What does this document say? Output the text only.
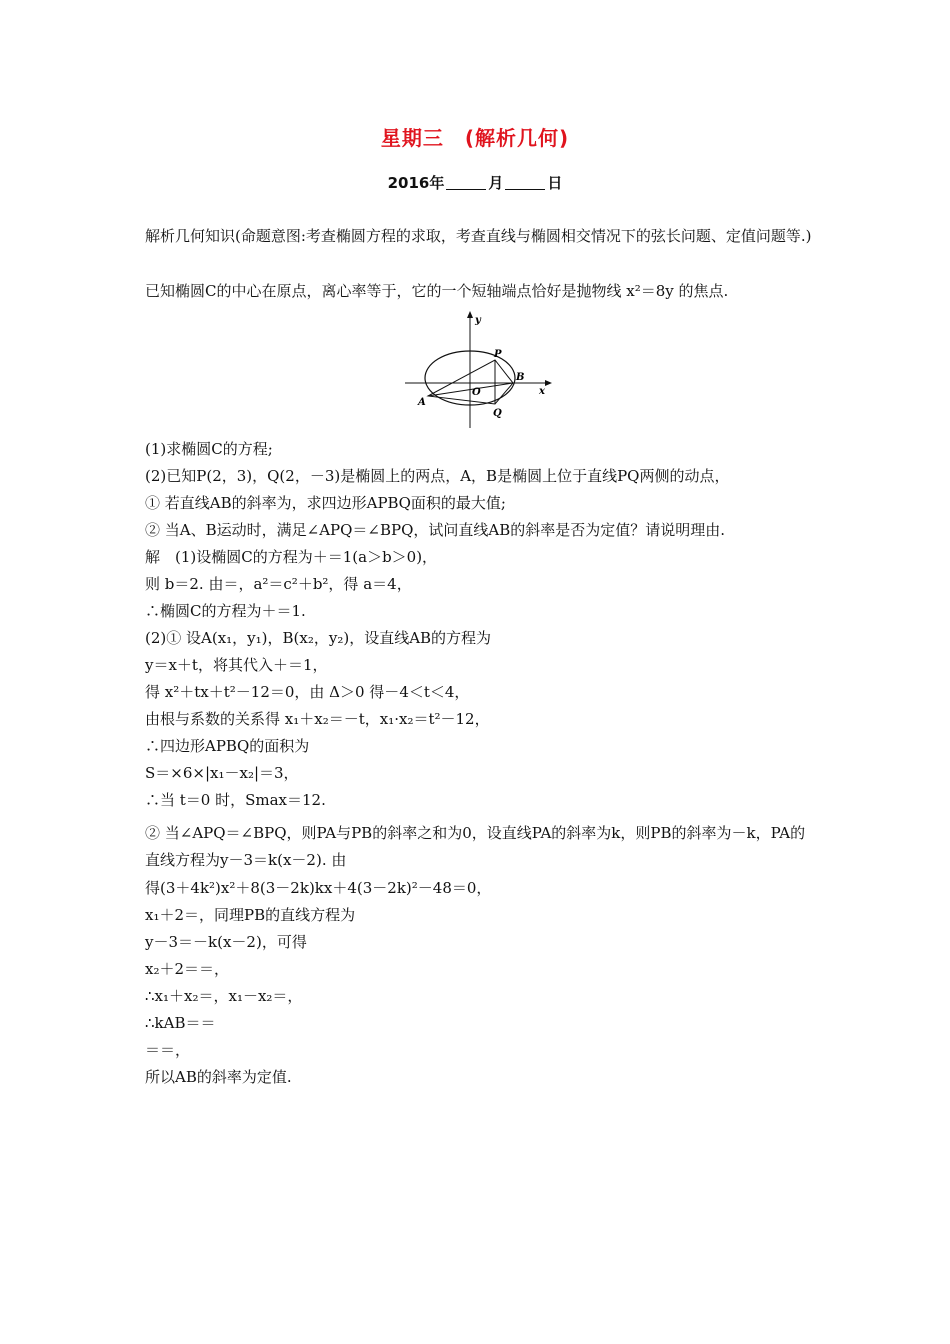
星期三　(解析几何)
2016年	月	日
解析几何知识(命题意图:考查椭圆方程的求取，考查直线与椭圆相交情况下的弦长问题、定值问题等.)
已知椭圆C的中心在原点，离心率等于，它的一个短轴端点恰好是抛物线 x²＝8y 的焦点.
y
x
O
P
B
A
Q
(1)求椭圆C的方程;
(2)已知P(2，3)，Q(2，－3)是椭圆上的两点，A，B是椭圆上位于直线PQ两侧的动点，
① 若直线AB的斜率为，求四边形APBQ面积的最大值;
② 当A、B运动时，满足∠APQ＝∠BPQ，试问直线AB的斜率是否为定值？请说明理由.
解　(1)设椭圆C的方程为＋＝1(a＞b＞0)，
则 b＝2. 由＝，a²＝c²＋b²，得 a＝4，
∴椭圆C的方程为＋＝1.
(2)① 设A(x₁，y₁)，B(x₂，y₂)，设直线AB的方程为
y＝x＋t，将其代入＋＝1，
得 x²＋tx＋t²－12＝0，由 Δ＞0 得－4＜t＜4，
由根与系数的关系得 x₁＋x₂＝－t，x₁·x₂＝t²－12，
∴四边形APBQ的面积为
S＝×6×|x₁－x₂|＝3，
∴当 t＝0 时，Smax＝12.
② 当∠APQ＝∠BPQ，则PA与PB的斜率之和为0，设直线PA的斜率为k，则PB的斜率为－k，PA的直线方程为y－3＝k(x－2). 由
得(3＋4k²)x²＋8(3－2k)kx＋4(3－2k)²－48＝0，
x₁＋2＝，同理PB的直线方程为
y－3＝－k(x－2)，可得
x₂＋2＝＝，
∴x₁＋x₂＝，x₁－x₂＝，
∴kAB＝＝
＝＝，
所以AB的斜率为定值.
